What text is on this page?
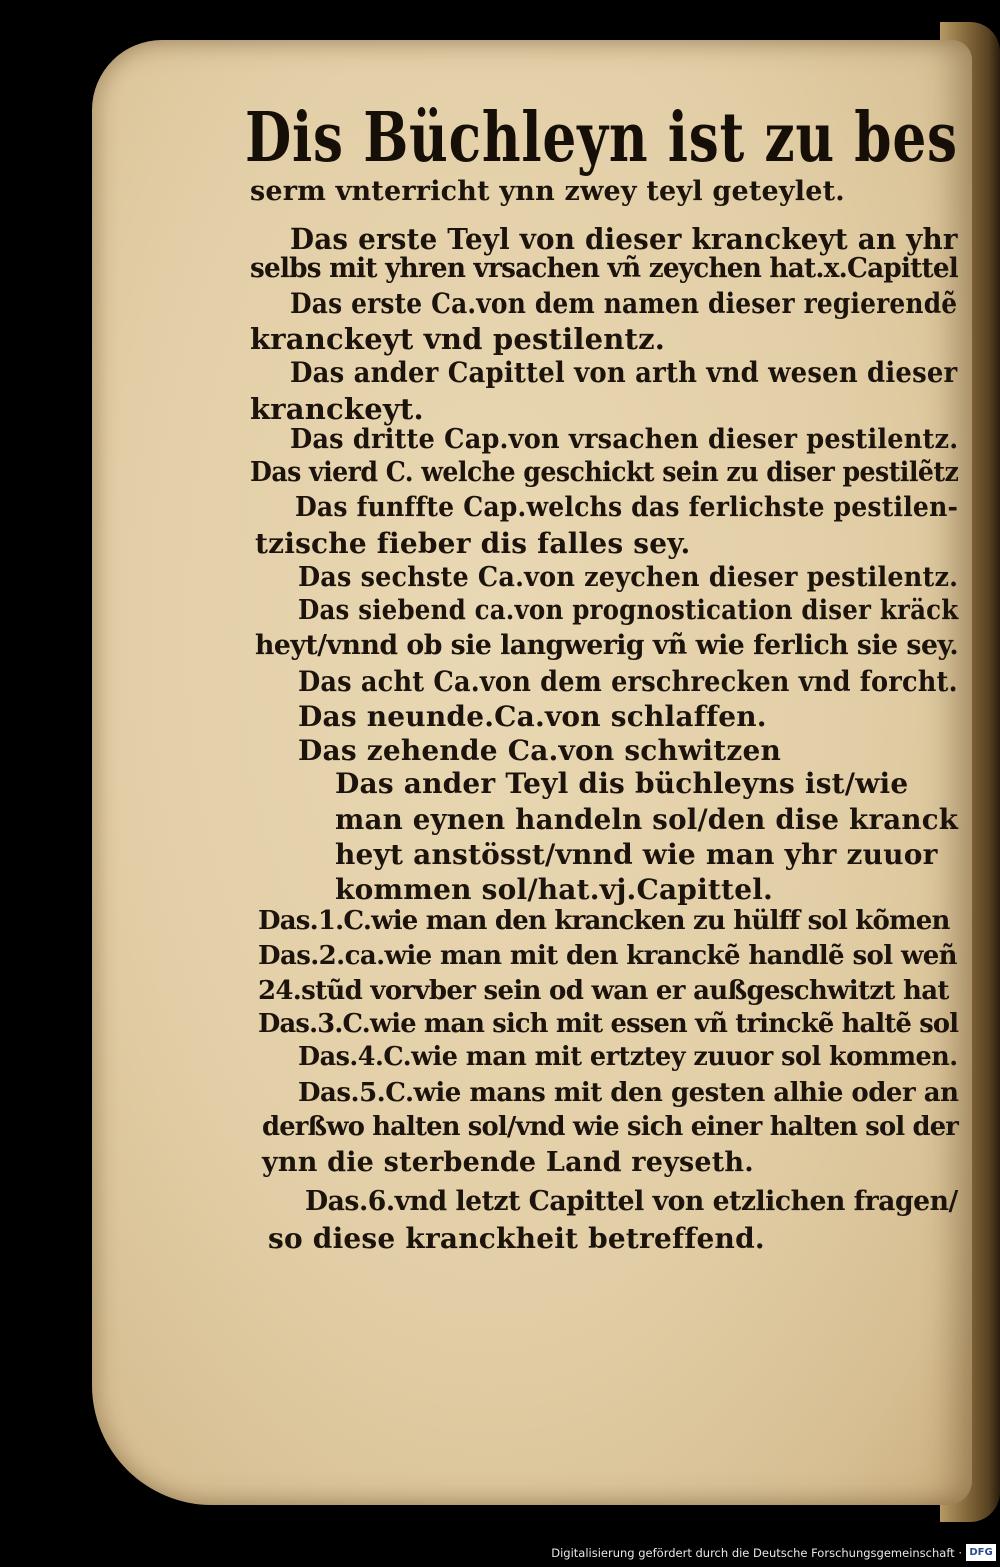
Dis Büchleyn ist zu bes

serm vnterricht ynn zwey teyl geteylet.

Das erste Teyl von dieser kranckeyt an yhr

selbs mit yhren vrsachen vñ zeychen hat.x.Capittel

Das erste Ca.von dem namen dieser regierendẽ

kranckeyt vnd pestilentz.

Das ander Capittel von arth vnd wesen dieser

kranckeyt.

Das dritte Cap.von vrsachen dieser pestilentz.

Das vierd C. welche geschickt sein zu diser pestilẽtz

Das funffte Cap.welchs das ferlichste pestilen-

tzische fieber dis falles sey.

Das sechste Ca.von zeychen dieser pestilentz.

Das siebend ca.von prognostication diser kräck

heyt/vnnd ob sie langwerig vñ wie ferlich sie sey.

Das acht Ca.von dem erschrecken vnd forcht.

Das neunde.Ca.von schlaffen.

Das zehende Ca.von schwitzen

Das ander Teyl dis büchleyns ist/wie

man eynen handeln sol/den dise kranck

heyt anstösst/vnnd wie man yhr zuuor

kommen sol/hat.vj.Capittel.

Das.1.C.wie man den krancken zu hülff sol kõmen

Das.2.ca.wie man mit den kranckẽ handlẽ sol weñ

24.stũd vorvber sein od wan er außgeschwitzt hat

Das.3.C.wie man sich mit essen vñ trinckẽ haltẽ sol

Das.4.C.wie man mit ertztey zuuor sol kommen.

Das.5.C.wie mans mit den gesten alhie oder an

derßwo halten sol/vnd wie sich einer halten sol der

ynn die sterbende Land reyseth.

Das.6.vnd letzt Capittel von etzlichen fragen/

so diese kranckheit betreffend.

Digitalisierung gefördert durch die Deutsche Forschungsgemeinschaft · DFG
